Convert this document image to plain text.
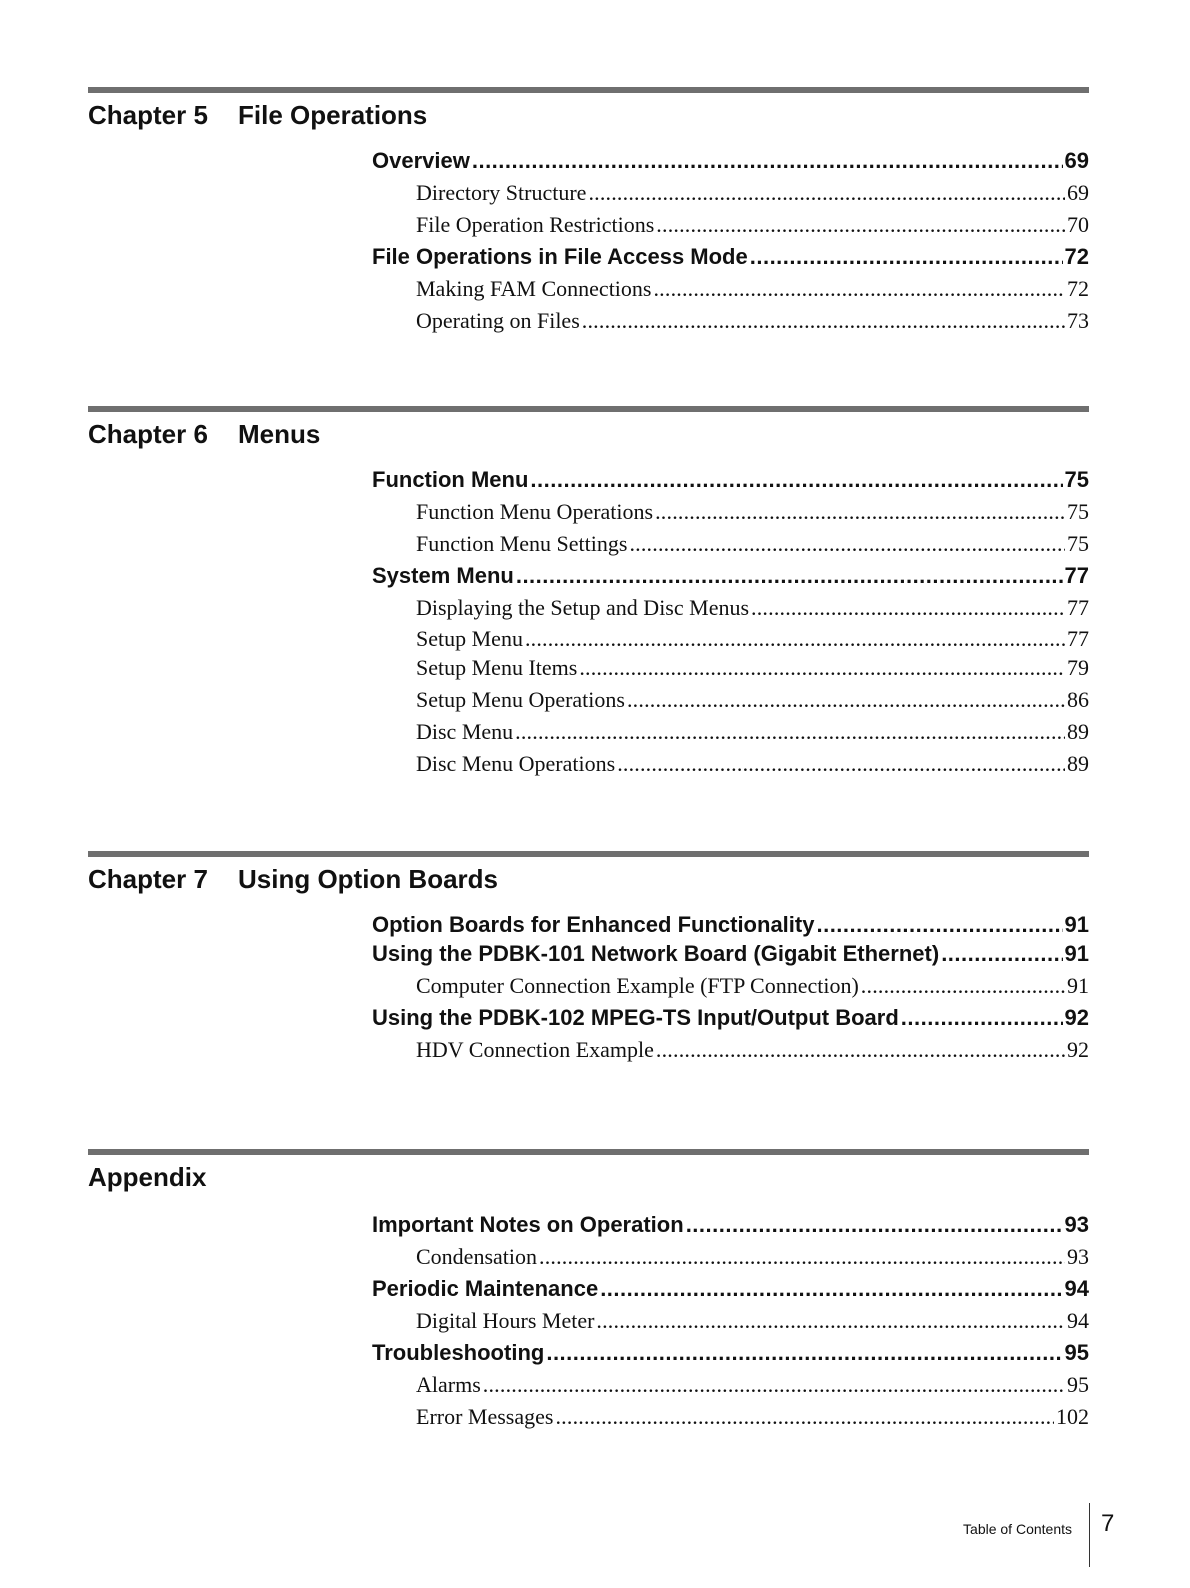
Chapter 5 File Operations
Overview .....	69
Directory Structure .....	69
File Operation Restrictions .....	70
File Operations in File Access Mode .....	72
Making FAM Connections .....	72
Operating on Files .....	73
Chapter 6 Menus
Function Menu .....	75
Function Menu Operations .....	75
Function Menu Settings .....	75
System Menu .....	77
Displaying the Setup and Disc Menus .....	77
Setup Menu .....	77
Setup Menu Items .....	79
Setup Menu Operations .....	86
Disc Menu .....	89
Disc Menu Operations .....	89
Chapter 7 Using Option Boards
Option Boards for Enhanced Functionality .....	91
Using the PDBK-101 Network Board (Gigabit Ethernet) .....	91
Computer Connection Example (FTP Connection) .....	91
Using the PDBK-102 MPEG-TS Input/Output Board .....	92
HDV Connection Example .....	92
Appendix
Important Notes on Operation .....	93
Condensation .....	93
Periodic Maintenance .....	94
Digital Hours Meter .....	94
Troubleshooting .....	95
Alarms .....	95
Error Messages .....	102
Table of Contents 7
